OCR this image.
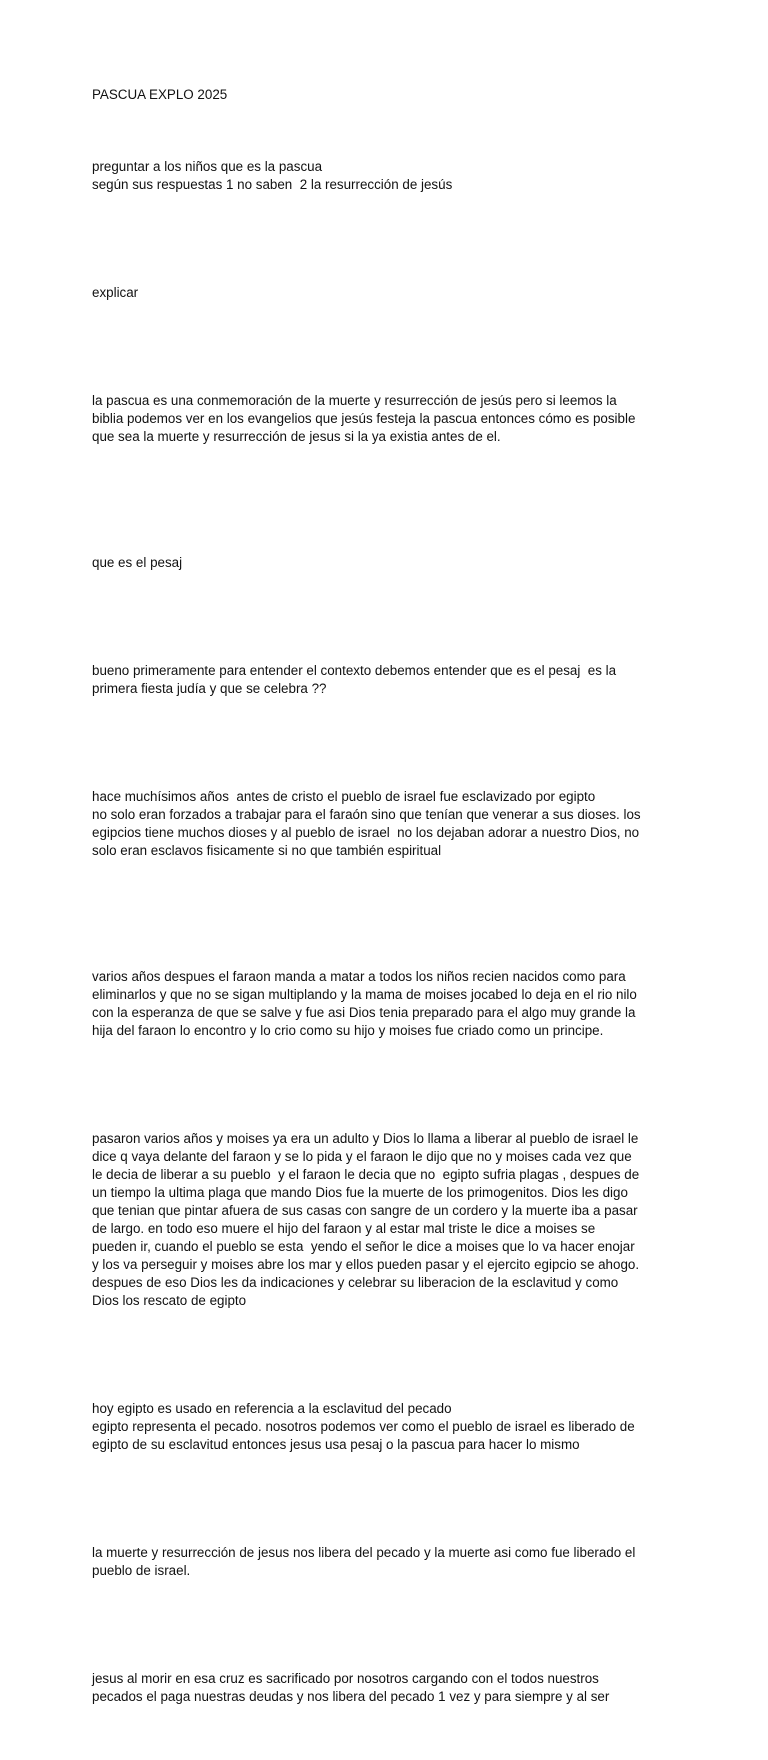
PASCUA EXPLO 2025

preguntar a los niños que es la pascua
según sus respuestas 1 no saben  2 la resurrección de jesús

explicar

la pascua es una conmemoración de la muerte y resurrección de jesús pero si leemos la
biblia podemos ver en los evangelios que jesús festeja la pascua entonces cómo es posible
que sea la muerte y resurrección de jesus si la ya existia antes de el.

que es el pesaj

bueno primeramente para entender el contexto debemos entender que es el pesaj  es la
primera fiesta judía y que se celebra ??

hace muchísimos años  antes de cristo el pueblo de israel fue esclavizado por egipto
no solo eran forzados a trabajar para el faraón sino que tenían que venerar a sus dioses. los
egipcios tiene muchos dioses y al pueblo de israel  no los dejaban adorar a nuestro Dios, no
solo eran esclavos fisicamente si no que también espiritual

varios años despues el faraon manda a matar a todos los niños recien nacidos como para
eliminarlos y que no se sigan multiplando y la mama de moises jocabed lo deja en el rio nilo
con la esperanza de que se salve y fue asi Dios tenia preparado para el algo muy grande la
hija del faraon lo encontro y lo crio como su hijo y moises fue criado como un principe.

pasaron varios años y moises ya era un adulto y Dios lo llama a liberar al pueblo de israel le
dice q vaya delante del faraon y se lo pida y el faraon le dijo que no y moises cada vez que
le decia de liberar a su pueblo  y el faraon le decia que no  egipto sufria plagas , despues de
un tiempo la ultima plaga que mando Dios fue la muerte de los primogenitos. Dios les digo
que tenian que pintar afuera de sus casas con sangre de un cordero y la muerte iba a pasar
de largo. en todo eso muere el hijo del faraon y al estar mal triste le dice a moises se
pueden ir, cuando el pueblo se esta  yendo el señor le dice a moises que lo va hacer enojar
y los va perseguir y moises abre los mar y ellos pueden pasar y el ejercito egipcio se ahogo.
despues de eso Dios les da indicaciones y celebrar su liberacion de la esclavitud y como
Dios los rescato de egipto

hoy egipto es usado en referencia a la esclavitud del pecado
egipto representa el pecado. nosotros podemos ver como el pueblo de israel es liberado de
egipto de su esclavitud entonces jesus usa pesaj o la pascua para hacer lo mismo

la muerte y resurrección de jesus nos libera del pecado y la muerte asi como fue liberado el
pueblo de israel.

jesus al morir en esa cruz es sacrificado por nosotros cargando con el todos nuestros
pecados el paga nuestras deudas y nos libera del pecado 1 vez y para siempre y al ser
